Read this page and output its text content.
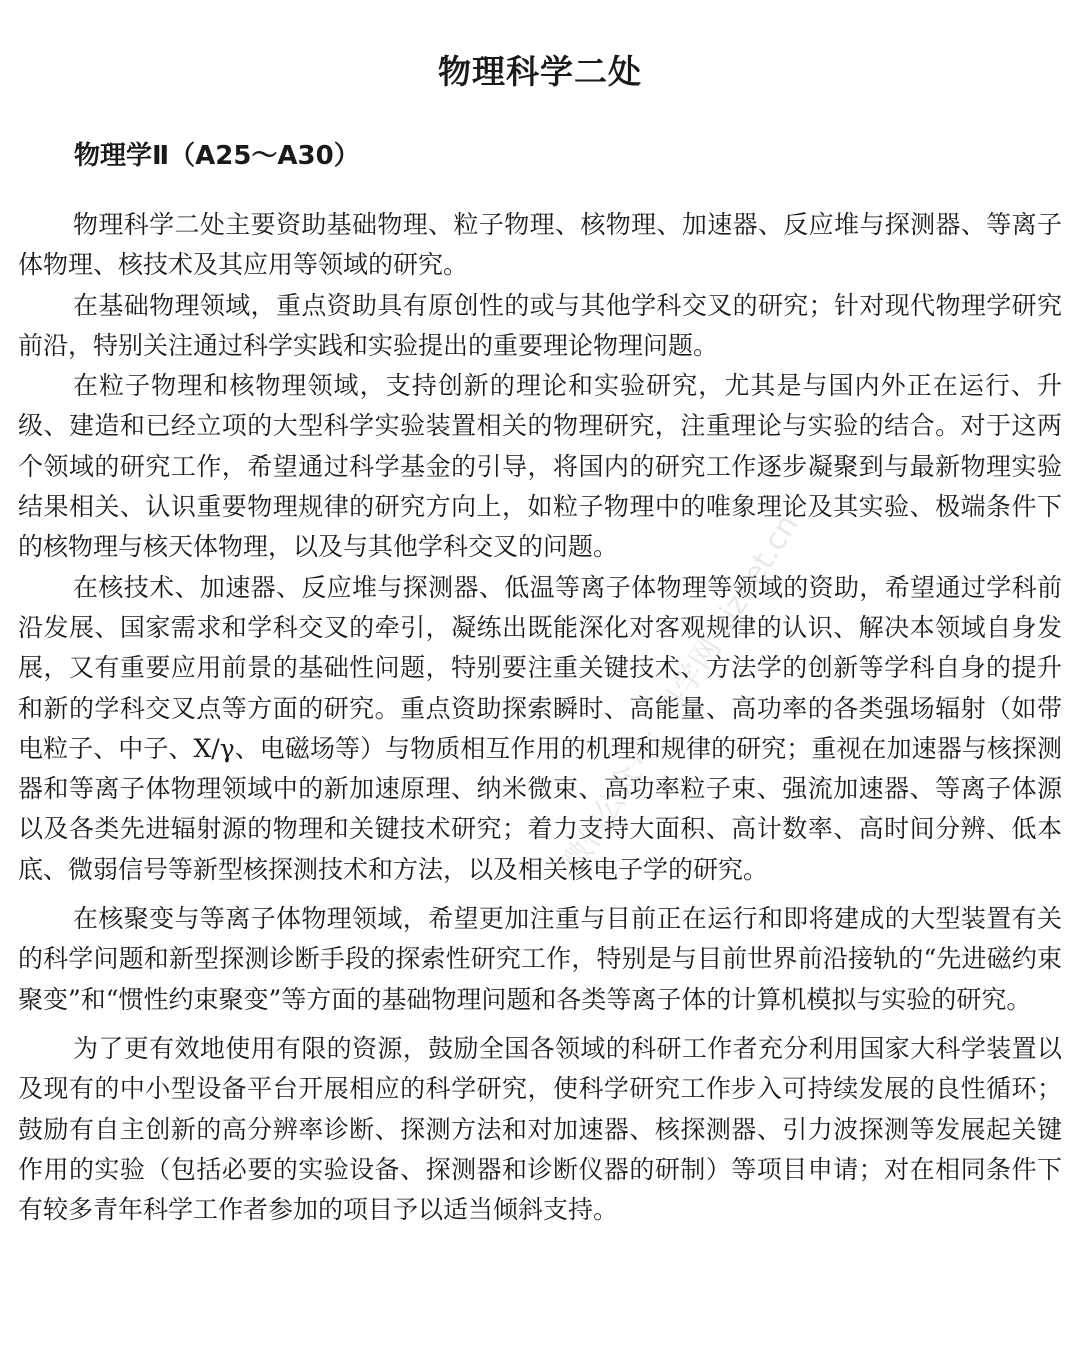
物理科学二处
物理学Ⅱ（A25～A30）

物理科学二处主要资助基础物理、粒子物理、核物理、加速器、反应堆与探测器、等离子体物理、核技术及其应用等领域的研究。

在基础物理领域，重点资助具有原创性的或与其他学科交叉的研究；针对现代物理学研究前沿，特别关注通过科学实践和实验提出的重要理论物理问题。

在粒子物理和核物理领域，支持创新的理论和实验研究，尤其是与国内外正在运行、升级、建造和已经立项的大型科学实验装置相关的物理研究，注重理论与实验的结合。对于这两个领域的研究工作，希望通过科学基金的引导，将国内的研究工作逐步凝聚到与最新物理实验结果相关、认识重要物理规律的研究方向上，如粒子物理中的唯象理论及其实验、极端条件下的核物理与核天体物理，以及与其他学科交叉的问题。

在核技术、加速器、反应堆与探测器、低温等离子体物理等领域的资助，希望通过学科前沿发展、国家需求和学科交叉的牵引，凝练出既能深化对客观规律的认识、解决本领域自身发展，又有重要应用前景的基础性问题，特别要注重关键技术、方法学的创新等学科自身的提升和新的学科交叉点等方面的研究。重点资助探索瞬时、高能量、高功率的各类强场辐射（如带电粒子、中子、X/γ、电磁场等）与物质相互作用的机理和规律的研究；重视在加速器与核探测器和等离子体物理领域中的新加速原理、纳米微束、高功率粒子束、强流加速器、等离子体源以及各类先进辐射源的物理和关键技术研究；着力支持大面积、高计数率、高时间分辨、低本底、微弱信号等新型核探测技术和方法，以及相关核电子学的研究。

在核聚变与等离子体物理领域，希望更加注重与目前正在运行和即将建成的大型装置有关的科学问题和新型探测诊断手段的探索性研究工作，特别是与目前世界前沿接轨的“先进磁约束聚变”和“惯性约束聚变”等方面的基础物理问题和各类等离子体的计算机模拟与实验的研究。

为了更有效地使用有限的资源，鼓励全国各领域的科研工作者充分利用国家大科学装置以及现有的中小型设备平台开展相应的科学研究，使科学研究工作步入可持续发展的良性循环；鼓励有自主创新的高分辨率诊断、探测方法和对加速器、核探测器、引力波探测等发展起关键作用的实验（包括必要的实验设备、探测器和诊断仪器的研制）等项目申请；对在相同条件下有较多青年科学工作者参加的项目予以适当倾斜支持。

微信公众号：科学网 kjznet.cn
